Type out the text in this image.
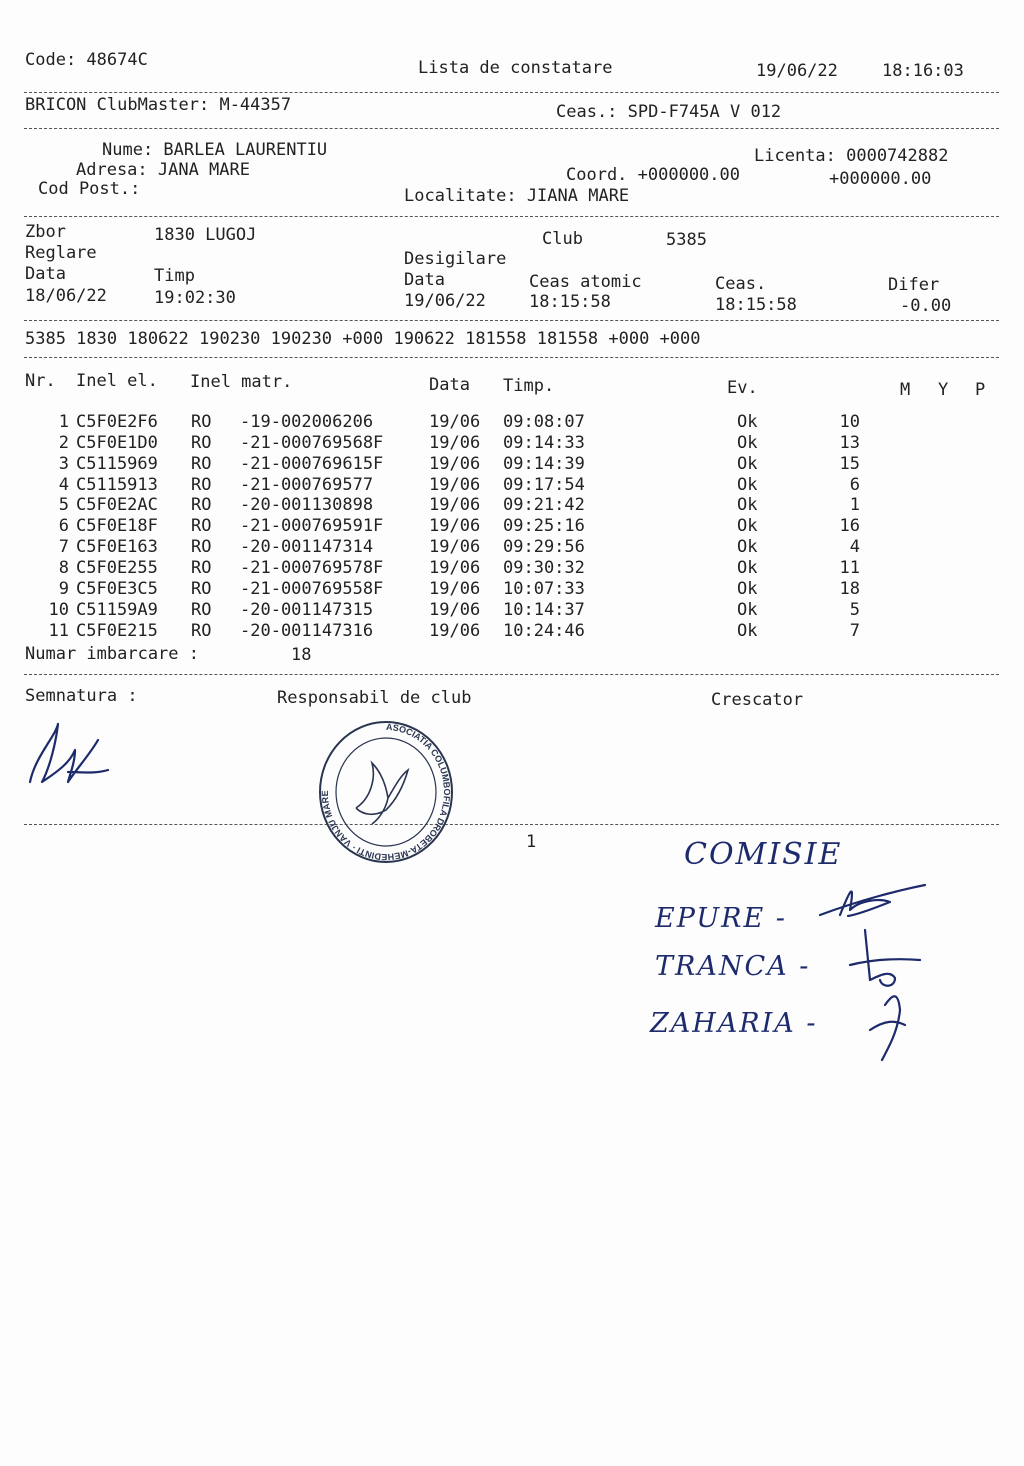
Code: 48674C	Lista de constatare	19/06/22	18:16:03
BRICON ClubMaster: M-44357	Ceas.: SPD-F745A V 012
Nume: BARLEA LAURENTIU
Adresa: JANA MARE
Cod Post.:
Licenta: 0000742882
Coord. +000000.00	+000000.00
Localitate: JIANA MARE
Zbor	1830 LUGOJ	Club	5385
Reglare	Desigilare
Data	Timp	Data	Ceas atomic	Ceas.	Difer
18/06/22	19:02:30	19/06/22	18:15:58	18:15:58	-0.00
5385 1830 180622 190230 190230 +000 190622 181558 181558 +000 +000
Nr. Inel el. Inel matr.	Data Timp.	Ev.	M Y P
1 C5F0E2F6 RO -19-002006206	19/06 09:08:07	Ok	10
2 C5F0E1D0 RO -21-000769568F	19/06 09:14:33	Ok	13
3 C5115969 RO -21-000769615F	19/06 09:14:39	Ok	15
4 C5115913 RO -21-000769577	19/06 09:17:54	Ok	6
5 C5F0E2AC RO -20-001130898	19/06 09:21:42	Ok	1
6 C5F0E18F RO -21-000769591F	19/06 09:25:16	Ok	16
7 C5F0E163 RO -20-001147314	19/06 09:29:56	Ok	4
8 C5F0E255 RO -21-000769578F	19/06 09:30:32	Ok	11
9 C5F0E3C5 RO -21-000769558F	19/06 10:07:33	Ok	18
10 C51159A9 RO -20-001147315	19/06 10:14:37	Ok	5
11 C5F0E215 RO -20-001147316	19/06 10:24:46	Ok	7
Numar imbarcare :	18
Semnatura :	Responsabil de club	Crescator
ASOCIATIA COLUMBOFILA DROBETA-MEHEDINTI · VÂNJU MARE
1	COMISIE
EPURE -
TRANCA -
ZAHARIA -
